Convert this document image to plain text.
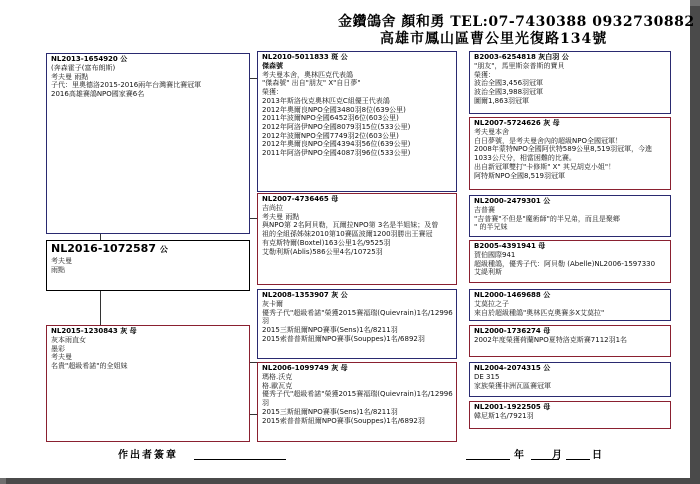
金鑽鴿舍 顏和勇 TEL:07-7430388 0932730882
高雄市鳳山區曹公里光復路134號
NL2013-1654920 公
(奔森霍子(富布朗斯)
考夫曼 雨點
子代：里奧德洛2015-2016兩年台灣賽比賽冠軍
2016高雄賽鴿NPO國家賽6名
NL2016-1072587 公
考夫曼
雨點
NL2015-1230843 灰 母
灰本雨直女
墨彩
考夫曼
名貴"超級希諾"的全姐妹
NL2010-5011833 斑 公
傑森號
考夫曼本舍，奧林匹克代表鴿
"傑森號" 出自"朋友" X"自日夢"
榮獲：
2013年斯洛伐克奧林匹克C組優王代表鴿
2012年奧爾良NPO全國3480羽8位(639公里)
2011年波爾NPO全國6452羽6位(603公里)
2012年阿洛伊NPO全國8079羽15位(533公里)
2012年波爾NPO全國7749羽2位(603公里)
2012年奧爾良NPO全國4394羽56位(639公里)
2011年阿洛伊NPO全國4087羽96位(533公里)
NL2007-4736465 母
吉尚拉
考夫曼 雨點
與NPO第 2名阿貝勒，瓦爾拉NPO第 3名是半姐妹；及曾
祖的全組孫姊妹2010第10賽區波爾1200羽勝出王賽冠
有克斯特爾(Boxtel)163公里1名/9525羽
艾勒利斯(Ablis)586公里4名/10725羽
NL2008-1353907 灰 公
灰卡爾
優秀子代"超級希諾"榮獲2015賽福瑞(Quievrain)1名/12996
羽
2015三斯紐爾NPO賽事(Sens)1名/8211羽
2015索普普斯紐爾NPO賽事(Souppes)1名/6892羽
NL2006-1099749 灰 母
瑪格.沃克
格.歐瓦克
優秀子代"超級希諾"榮獲2015賽福瑞(Quievrain)1名/12996
羽
2015三斯紐爾NPO賽事(Sens)1名/8211羽
2015索普普斯紐爾NPO賽事(Souppes)1名/6892羽
B2003-6254818 灰白羽 公
"朋友"，馬里斯奈普斯的寶貝
榮獲：
波治全國3,456羽冠軍
波治全國3,988羽冠軍
圖爾1,863羽冠軍
NL2007-5724626 灰 母
考夫曼本舍
白日夢號，是考夫曼舍內的超級NPO全國冠軍！
2008年蒙特NPO全國阿伏特589公里8,519羽冠軍，今進
1033公尺分，相當困難的比賽。
出自新冠軍雙打"卡修斯" X" 其兄胡克小姐"！
阿特斯NPO全國8,519羽冠軍
NL2000-2479301 公
吉普賽
"吉普賽"不但是"魔術師"的半兄弟，而且是聚鄉
" 的半兄妹
B2005-4391941 母
賀伯國際941
超級種鴿，優秀子代：阿貝勒 (Abelle)NL2006-1597330
艾緹利斯
NL2000-1469688 公
艾莫拉之子
來自於超級種鴿"奧林匹克奧賽多X艾莫拉"
NL2000-1736274 母
2002年度榮獲荷蘭NPO夏特洛克斯賽7112羽1名
NL2004-2074315 公
DE 315
家族榮獲非洲瓦區賽冠軍
NL2001-1922505 母
韓尼斯1名/7921羽
作出者簽章	年	月	日
